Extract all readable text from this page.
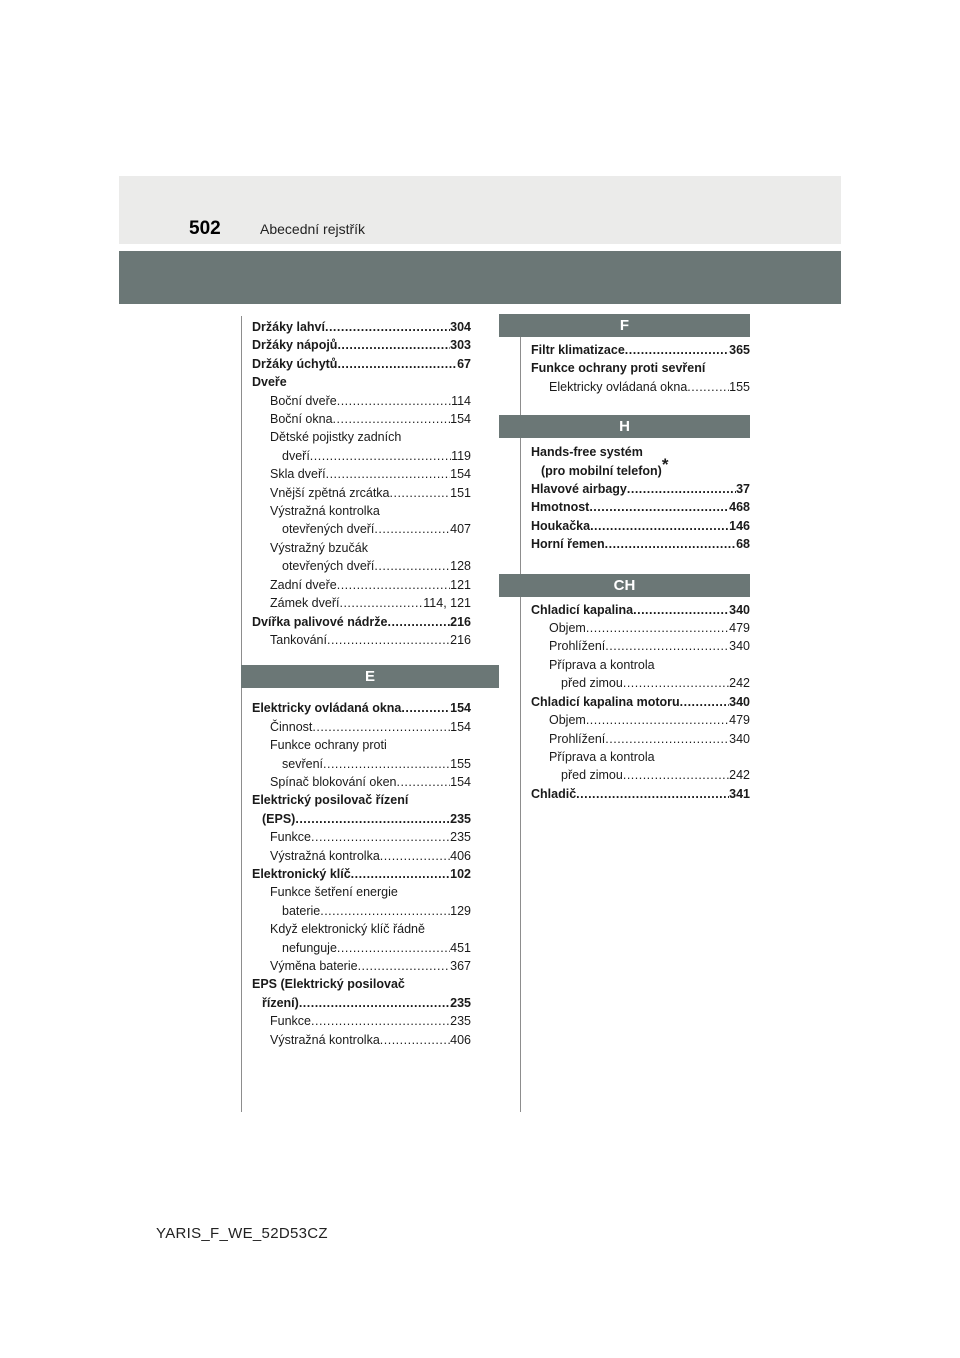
502	Abecední rejstřík
Držáky lahví .....	304
Držáky nápojů .....	303
Držáky úchytů .....	67
Dveře
Boční dveře .....	114
Boční okna .....	154
Dětské pojistky zadních
dveří .....	119
Skla dveří .....	154
Vnější zpětná zrcátka .....	151
Výstražná kontrolka
otevřených dveří .....	407
Výstražný bzučák
otevřených dveří .....	128
Zadní dveře .....	121
Zámek dveří .....	114, 121
Dvířka palivové nádrže .....	216
Tankování .....	216
E
Elektricky ovládaná okna .....	154
Činnost .....	154
Funkce ochrany proti
sevření .....	155
Spínač blokování oken .....	154
Elektrický posilovač řízení
(EPS) .....	235
Funkce .....	235
Výstražná kontrolka .....	406
Elektronický klíč .....	102
Funkce šetření energie
baterie .....	129
Když elektronický klíč řádně
nefunguje .....	451
Výměna baterie .....	367
EPS (Elektrický posilovač
řízení) .....	235
Funkce .....	235
Výstražná kontrolka .....	406
F
Filtr klimatizace .....	365
Funkce ochrany proti sevření
Elektricky ovládaná okna .....	155
H
Hands-free systém
(pro mobilní telefon)*
Hlavové airbagy .....	37
Hmotnost .....	468
Houkačka .....	146
Horní řemen .....	68
CH
Chladicí kapalina .....	340
Objem .....	479
Prohlížení .....	340
Příprava a kontrola
před zimou .....	242
Chladicí kapalina motoru .....	340
Objem .....	479
Prohlížení .....	340
Příprava a kontrola
před zimou .....	242
Chladič .....	341
YARIS_F_WE_52D53CZ
